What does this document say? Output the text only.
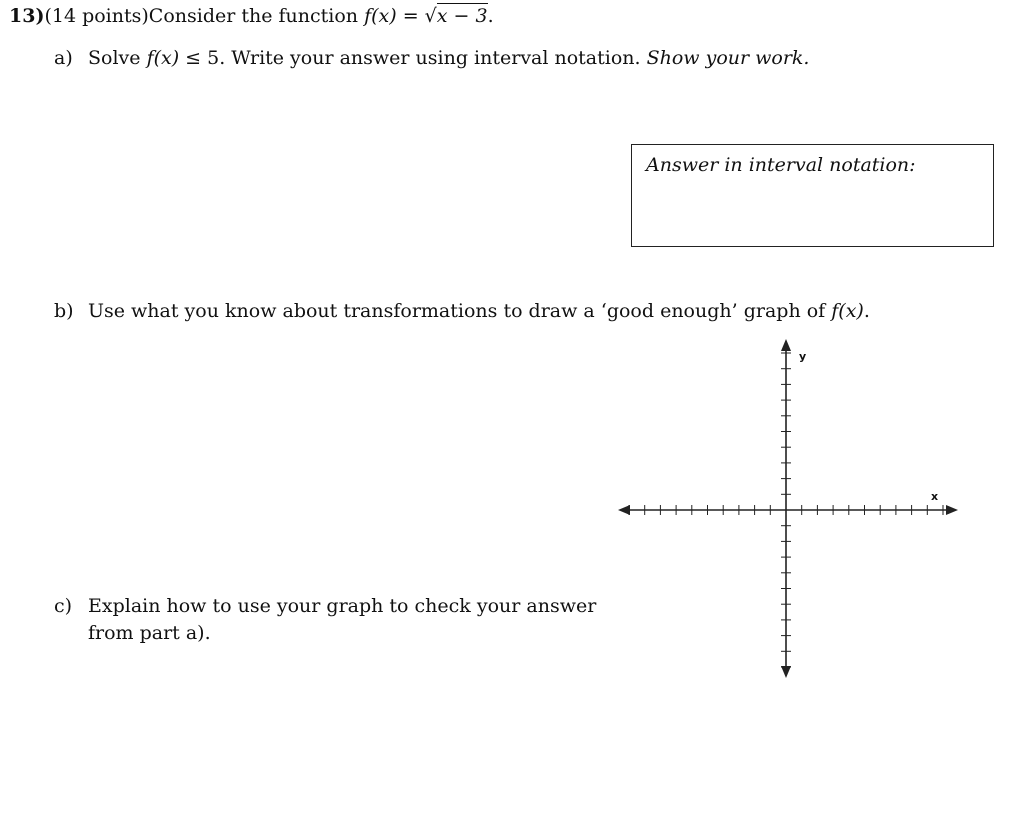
13)(14 points)Consider the function f(x) = √x − 3.
a) Solve f(x) ≤ 5. Write your answer using interval notation. Show your work.
Answer in interval notation:
b) Use what you know about transformations to draw a ‘good enough’ graph of f(x).
c) Explain how to use your graph to check your answer
from part a).
x
y
